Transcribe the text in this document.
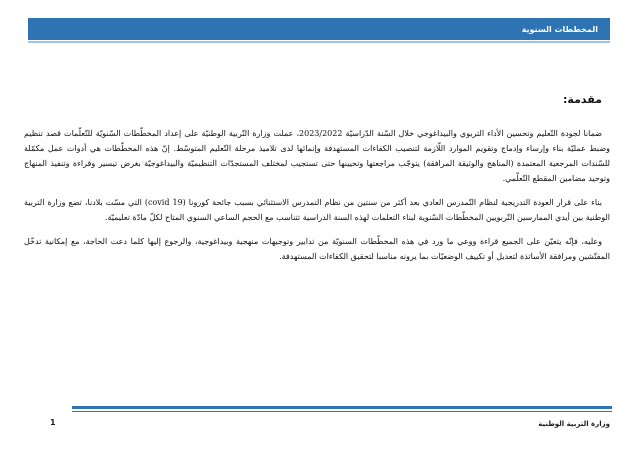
المخططات السنوية
مقدمة:

ضمانا لجودة التّعليم وتحسين الأداء التربوي والبيداغوجي خلال السّنة الدّراسيّة 2023/2022، عملت وزارة التّربية الوطنيّة على إعداد المخطّطات السّنويّة للتّعلّمات قصد تنظيم وضبط عمليّة بناء وإرساء وإدماج وتقويم الموارد اللّازمة لتنصيب الكفاءات المستهدفة وإنمائها لدى تلاميذ مرحلة التّعليم المتوسّط. إنّ هذه المخطّطات هي أدوات عمل مكمّلة للسّندات المرجعية المعتمدة (المناهج والوثيقة المرافقة) يتوجّب مراجعتها وتحيينها حتى تستجيب لمختلف المستجدّات التنظيميّة والبيداغوجيّة بغرض تيسير وقراءة وتنفيذ المنهاج وتوحيد مضامين المقطع التّعلّمي.

بناء على قرار العودة التدريجية لنظام التّمدرس العادي بعد أكثر من سنتين من نظام التمدرس الاستثنائي بسبب جائحة كورونا (covid 19) التي مسّت بلادنا، تضع وزارة التربية الوطنية بين أيدي الممارسين التّربويين المخطّطات السّنوية لبناء التعلمات لهذه السنة الدراسية تتناسب مع الحجم الساعي السنوي المتاح لكلّ مادّة تعليميّة.

وعليه، فإنّه يتعيّن على الجميع قراءة ووعي ما ورد في هذه المخطّطات السنويّة من تدابير وتوجيهات منهجية وبيداغوجية، والرجوع إليها كلما دعت الحاجة، مع إمكانية تدخّل المفتّشين ومرافقة الأساتذة لتعديل أو تكييف الوضعيّات بما يرونه مناسبا لتحقيق الكفاءات المستهدفة.

وزارة التربية الوطنية
1
